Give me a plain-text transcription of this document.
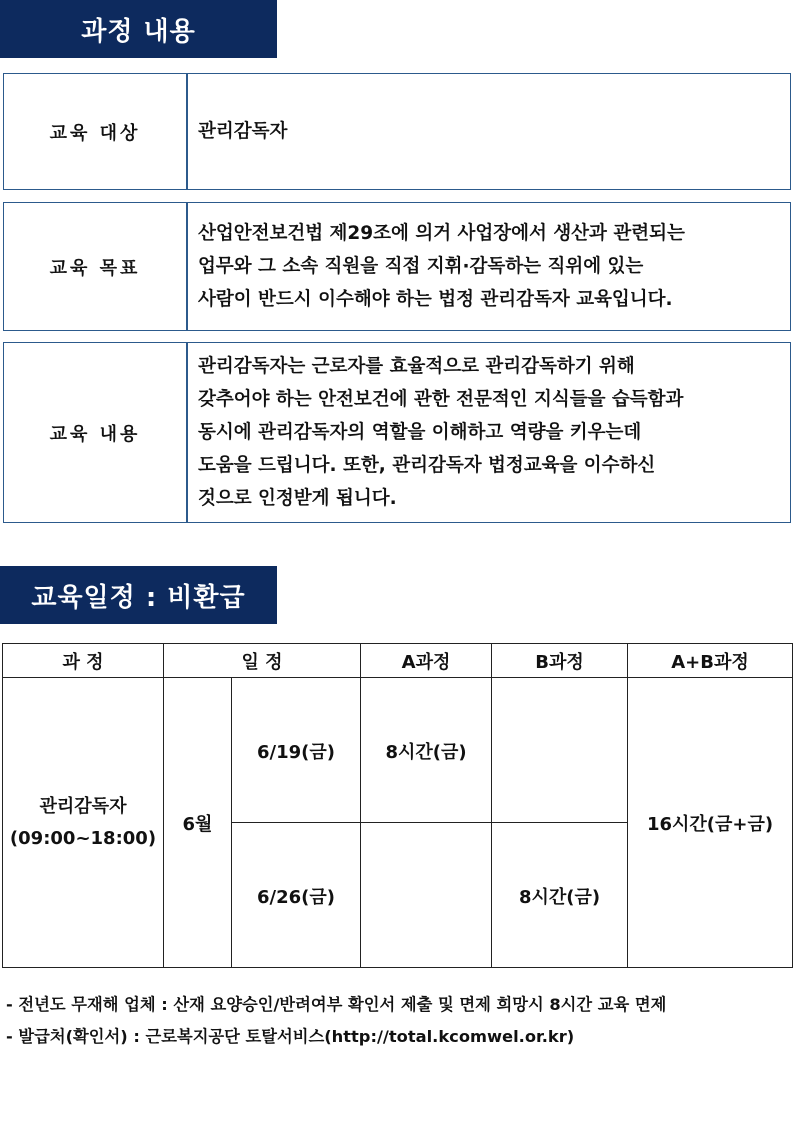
과정 내용
교육 대상	관리감독자
교육 목표
산업안전보건법 제29조에 의거 사업장에서 생산과 관련되는
업무와 그 소속 직원을 직접 지휘·감독하는 직위에 있는
사람이 반드시 이수해야 하는 법정 관리감독자 교육입니다.
교육 내용
관리감독자는 근로자를 효율적으로 관리감독하기 위해
갖추어야 하는 안전보건에 관한 전문적인 지식들을 습득함과
동시에 관리감독자의 역할을 이해하고 역량을 키우는데
도움을 드립니다. 또한, 관리감독자 법정교육을 이수하신
것으로 인정받게 됩니다.
교육일정 : 비환급
과 정	일 정		A과정	B과정	A+B과정

관리감독자
(09:00~18:00)	6월	6/19(금)	8시간(금)		16시간(금+금)
		6/26(금)		8시간(금)	
- 전년도 무재해 업체 : 산재 요양승인/반려여부 확인서 제출 및 면제 희망시 8시간 교육 면제
- 발급처(확인서) : 근로복지공단 토탈서비스(http://total.kcomwel.or.kr)
